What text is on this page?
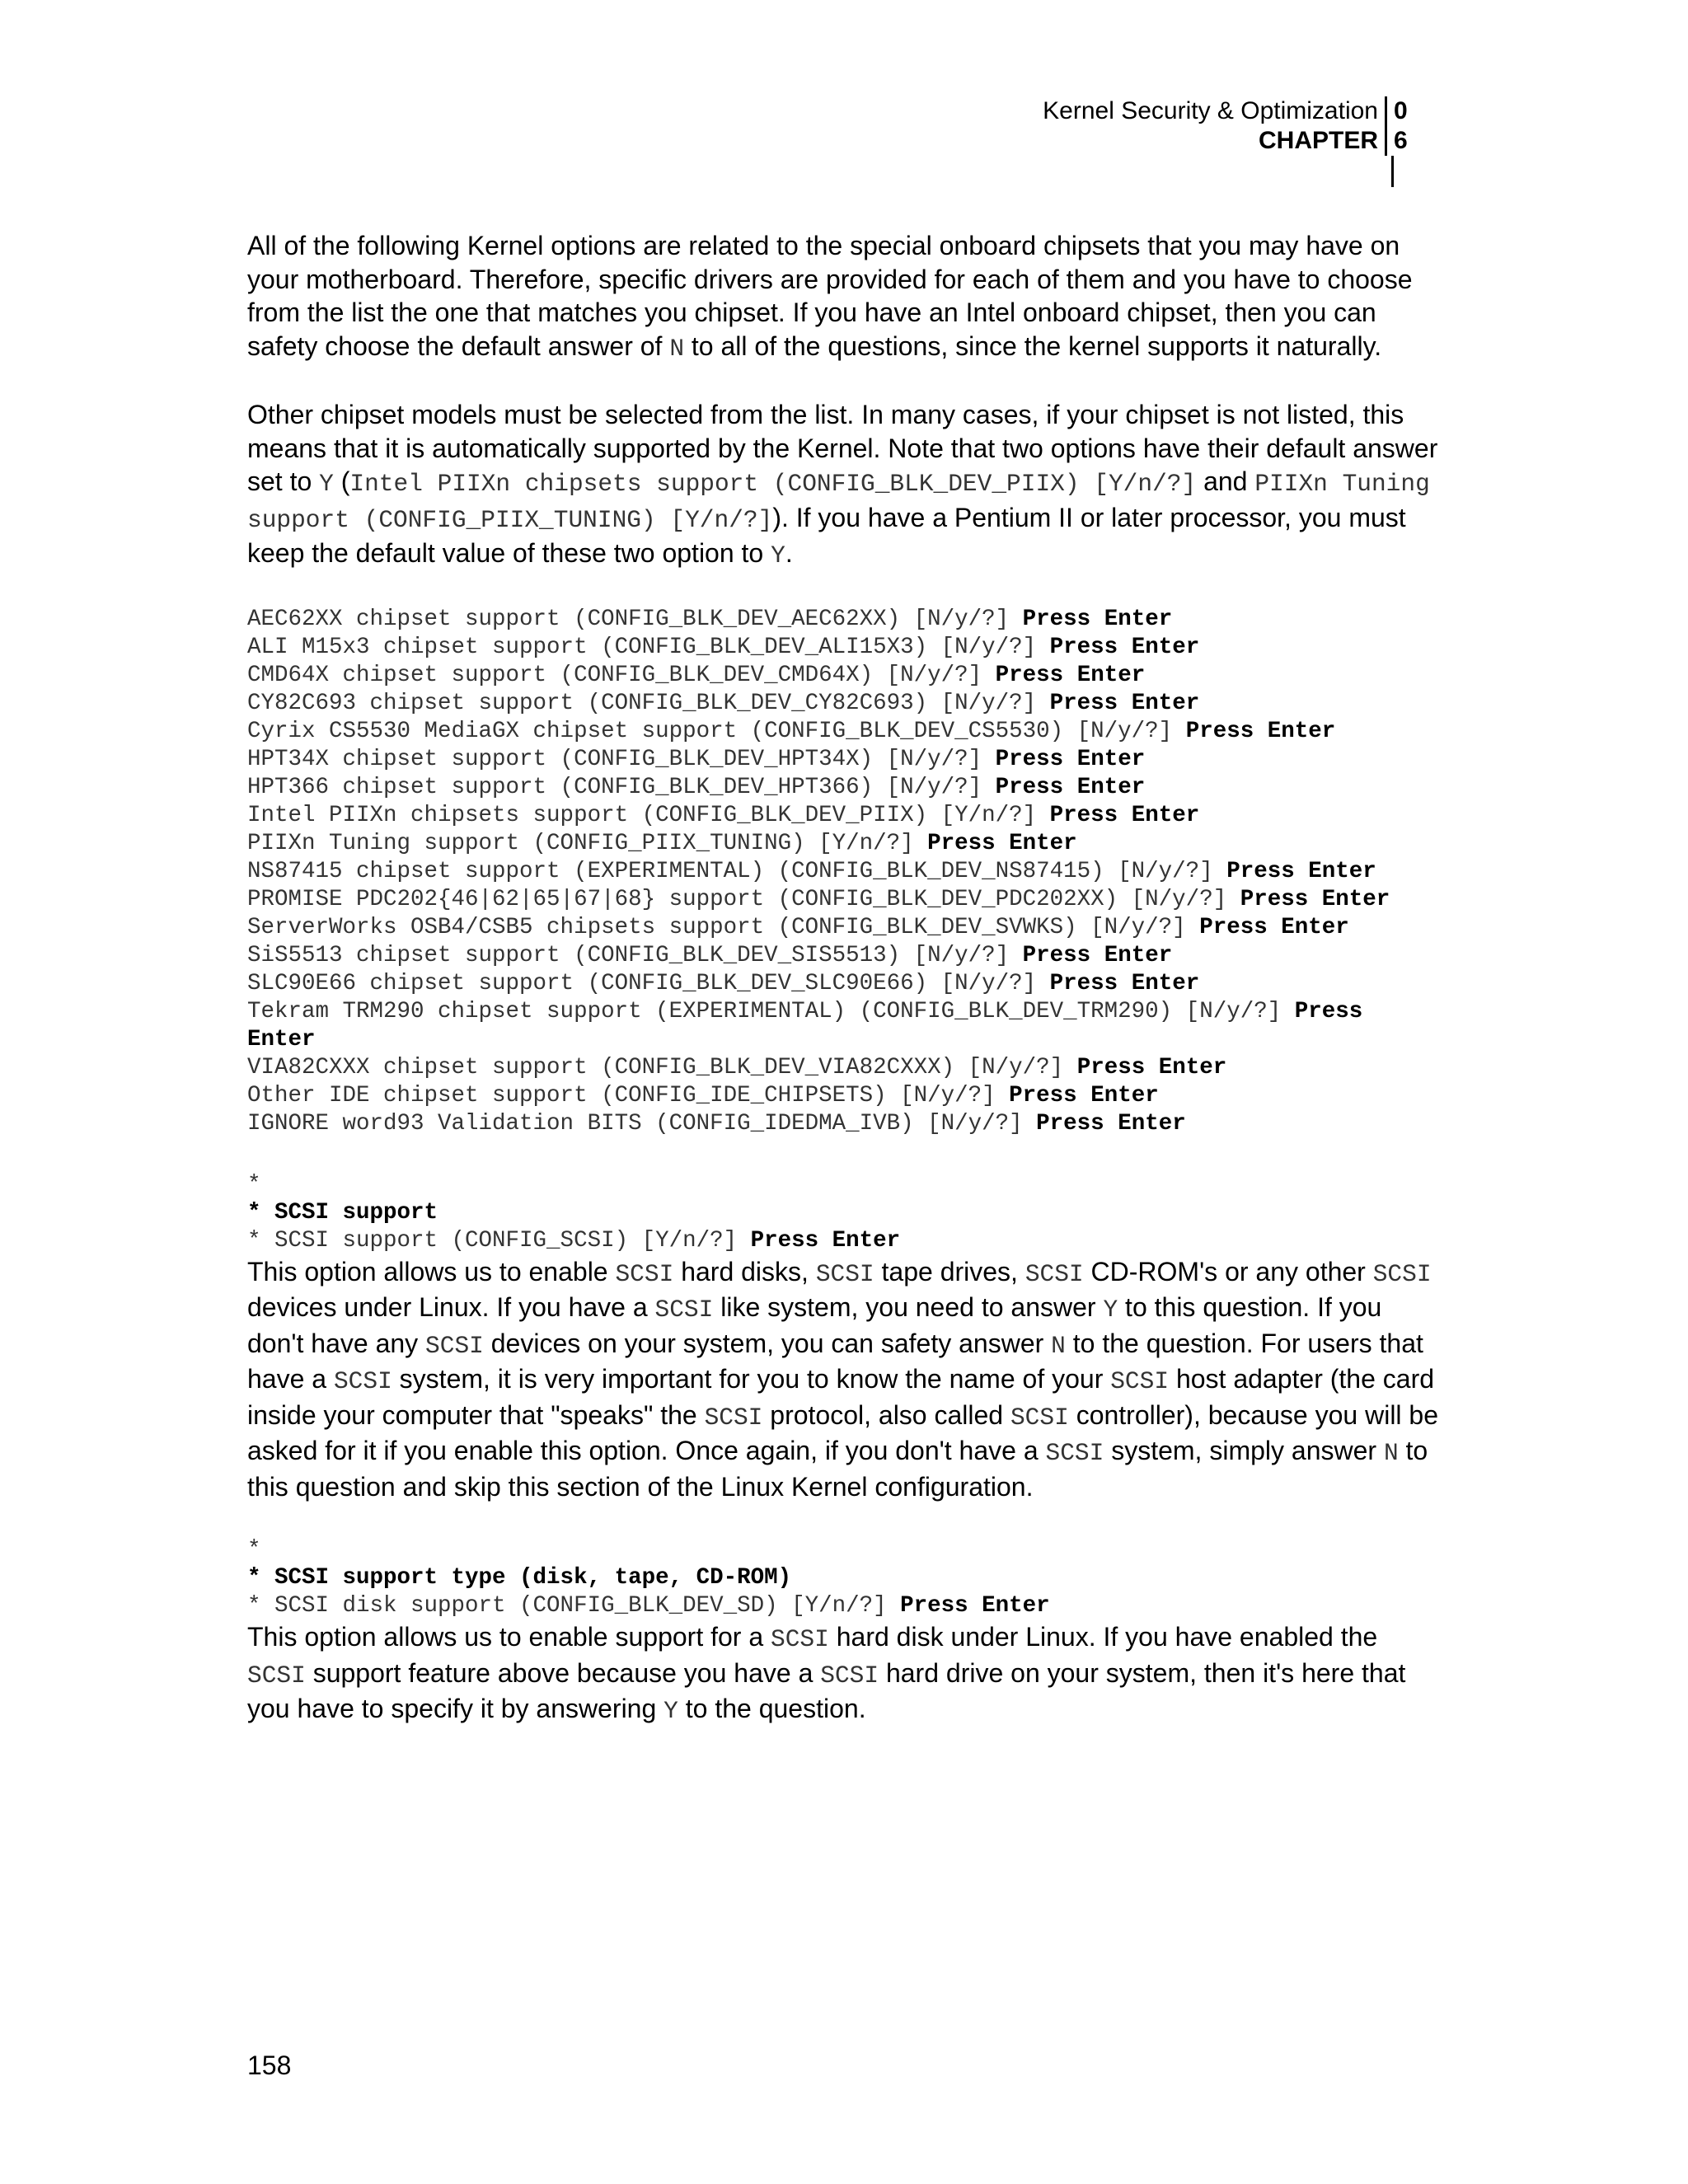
Kernel Security & Optimization 0
CHAPTER 6

All of the following Kernel options are related to the special onboard chipsets that you may have on your motherboard. Therefore, specific drivers are provided for each of them and you have to choose from the list the one that matches you chipset. If you have an Intel onboard chipset, then you can safety choose the default answer of N to all of the questions, since the kernel supports it naturally.

Other chipset models must be selected from the list. In many cases, if your chipset is not listed, this means that it is automatically supported by the Kernel. Note that two options have their default answer set to Y (Intel PIIXn chipsets support (CONFIG_BLK_DEV_PIIX) [Y/n/?] and PIIXn Tuning support (CONFIG_PIIX_TUNING) [Y/n/?]). If you have a Pentium II or later processor, you must keep the default value of these two option to Y.

AEC62XX chipset support (CONFIG_BLK_DEV_AEC62XX) [N/y/?] Press Enter
ALI M15x3 chipset support (CONFIG_BLK_DEV_ALI15X3) [N/y/?] Press Enter
CMD64X chipset support (CONFIG_BLK_DEV_CMD64X) [N/y/?] Press Enter
CY82C693 chipset support (CONFIG_BLK_DEV_CY82C693) [N/y/?] Press Enter
Cyrix CS5530 MediaGX chipset support (CONFIG_BLK_DEV_CS5530) [N/y/?] Press Enter
HPT34X chipset support (CONFIG_BLK_DEV_HPT34X) [N/y/?] Press Enter
HPT366 chipset support (CONFIG_BLK_DEV_HPT366) [N/y/?] Press Enter
Intel PIIXn chipsets support (CONFIG_BLK_DEV_PIIX) [Y/n/?] Press Enter
PIIXn Tuning support (CONFIG_PIIX_TUNING) [Y/n/?] Press Enter
NS87415 chipset support (EXPERIMENTAL) (CONFIG_BLK_DEV_NS87415) [N/y/?] Press Enter
PROMISE PDC202{46|62|65|67|68} support (CONFIG_BLK_DEV_PDC202XX) [N/y/?] Press Enter
ServerWorks OSB4/CSB5 chipsets support (CONFIG_BLK_DEV_SVWKS) [N/y/?] Press Enter
SiS5513 chipset support (CONFIG_BLK_DEV_SIS5513) [N/y/?] Press Enter
SLC90E66 chipset support (CONFIG_BLK_DEV_SLC90E66) [N/y/?] Press Enter
Tekram TRM290 chipset support (EXPERIMENTAL) (CONFIG_BLK_DEV_TRM290) [N/y/?] Press Enter
VIA82CXXX chipset support (CONFIG_BLK_DEV_VIA82CXXX) [N/y/?] Press Enter
Other IDE chipset support (CONFIG_IDE_CHIPSETS) [N/y/?] Press Enter
IGNORE word93 Validation BITS (CONFIG_IDEDMA_IVB) [N/y/?] Press Enter
*
* SCSI support
* SCSI support (CONFIG_SCSI) [Y/n/?] Press Enter

This option allows us to enable SCSI hard disks, SCSI tape drives, SCSI CD-ROM's or any other SCSI devices under Linux. If you have a SCSI like system, you need to answer Y to this question. If you don't have any SCSI devices on your system, you can safety answer N to the question. For users that have a SCSI system, it is very important for you to know the name of your SCSI host adapter (the card inside your computer that "speaks" the SCSI protocol, also called SCSI controller), because you will be asked for it if you enable this option. Once again, if you don't have a SCSI system, simply answer N to this question and skip this section of the Linux Kernel configuration.

*
* SCSI support type (disk, tape, CD-ROM)
* SCSI disk support (CONFIG_BLK_DEV_SD) [Y/n/?] Press Enter

This option allows us to enable support for a SCSI hard disk under Linux. If you have enabled the SCSI support feature above because you have a SCSI hard drive on your system, then it's here that you have to specify it by answering Y to the question.

158
